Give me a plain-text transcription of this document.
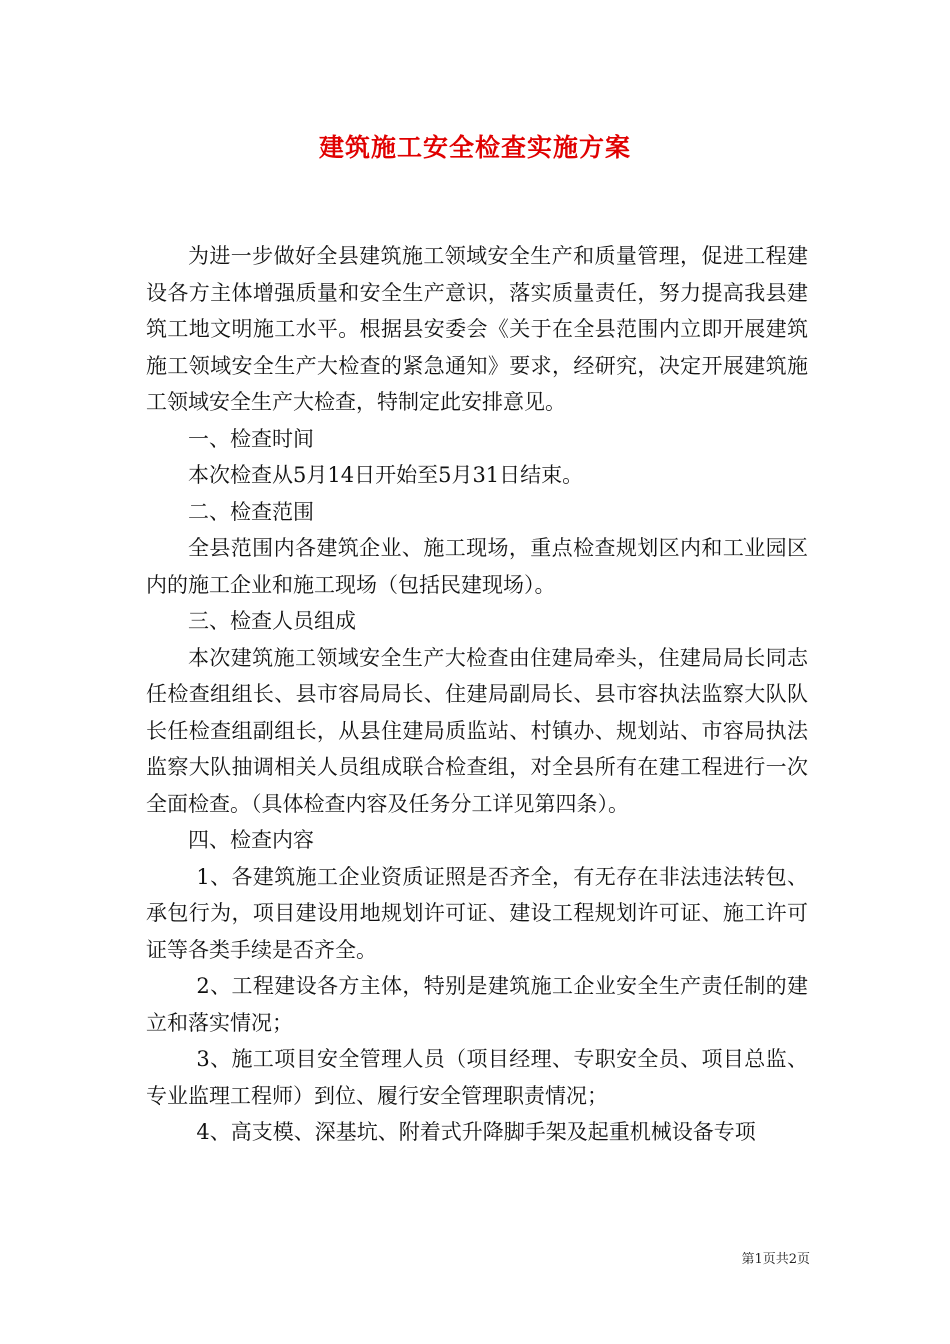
建筑施工安全检查实施方案

为进一步做好全县建筑施工领域安全生产和质量管理，促进工程建设各方主体增强质量和安全生产意识，落实质量责任，努力提高我县建筑工地文明施工水平。根据县安委会《关于在全县范围内立即开展建筑施工领域安全生产大检查的紧急通知》要求，经研究，决定开展建筑施工领域安全生产大检查，特制定此安排意见。

一、检查时间

本次检查从5月14日开始至5月31日结束。

二、检查范围

全县范围内各建筑企业、施工现场，重点检查规划区内和工业园区内的施工企业和施工现场（包括民建现场）。

三、检查人员组成

本次建筑施工领域安全生产大检查由住建局牵头，住建局局长同志任检查组组长、县市容局局长、住建局副局长、县市容执法监察大队队长任检查组副组长，从县住建局质监站、村镇办、规划站、市容局执法监察大队抽调相关人员组成联合检查组，对全县所有在建工程进行一次全面检查。（具体检查内容及任务分工详见第四条）。

四、检查内容

1、各建筑施工企业资质证照是否齐全，有无存在非法违法转包、承包行为，项目建设用地规划许可证、建设工程规划许可证、施工许可证等各类手续是否齐全。

2、工程建设各方主体，特别是建筑施工企业安全生产责任制的建立和落实情况；

3、施工项目安全管理人员（项目经理、专职安全员、项目总监、专业监理工程师）到位、履行安全管理职责情况；

4、高支模、深基坑、附着式升降脚手架及起重机械设备专项

第1页共2页
